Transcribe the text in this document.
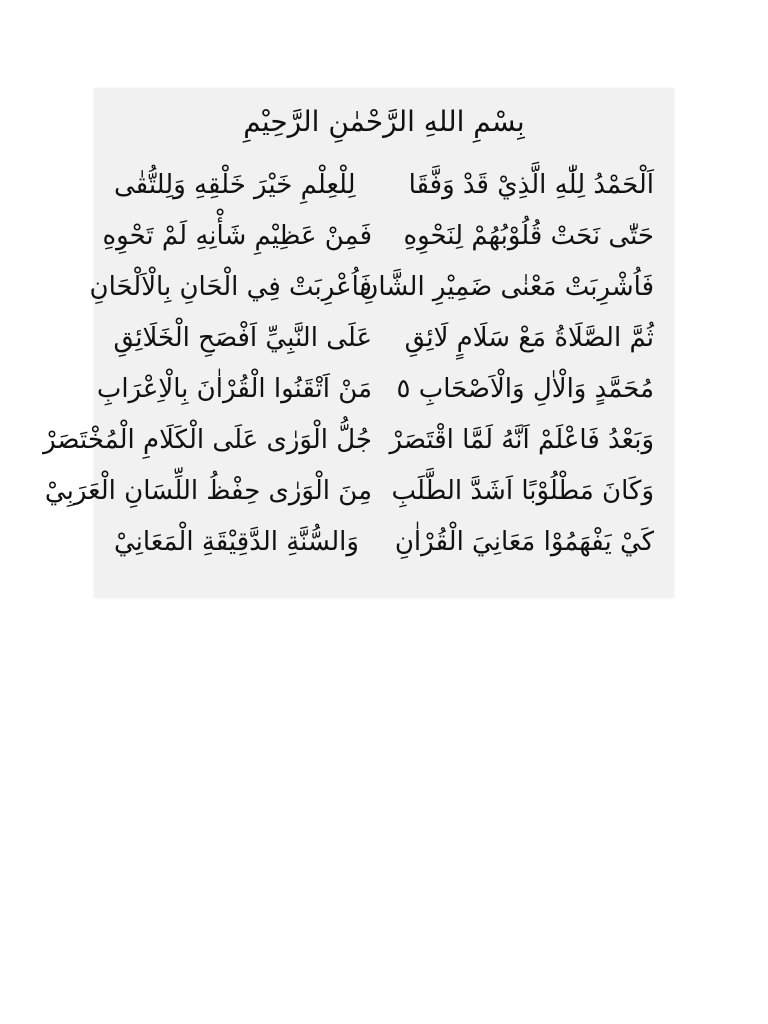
بِسْمِ اللهِ الرَّحْمٰنِ الرَّحِيْمِ
اَلْحَمْدُ لِلّٰهِ الَّذِيْ قَدْ وَفَّقَا
لِلْعِلْمِ خَيْرَ خَلْقِهِ وَلِلتُّقٰى
حَتّٰى نَحَتْ قُلُوْبُهُمْ لِنَحْوِهِ
فَمِنْ عَظِيْمِ شَأْنِهِ لَمْ تَحْوِهِ
فَاُشْرِبَتْ مَعْنٰى ضَمِيْرِ الشَّانِ
فَاُعْرِبَتْ فِي الْحَانِ بِالْاَلْحَانِ
ثُمَّ الصَّلَاةُ مَعْ سَلَامٍ لَائِقِ
عَلَى النَّبِيِّ اَفْصَحِ الْخَلَائِقِ
مُحَمَّدٍ وَالْاٰلِ وَالْاَصْحَابِ ٥
مَنْ اَتْقَنُوا الْقُرْاٰنَ بِالْاِعْرَابِ
وَبَعْدُ فَاعْلَمْ اَنَّهُ لَمَّا اقْتَصَرْ
جُلُّ الْوَرٰى عَلَى الْكَلَامِ الْمُخْتَصَرْ
وَكَانَ مَطْلُوْبًا اَشَدَّ الطَّلَبِ
مِنَ الْوَرٰى حِفْظُ اللِّسَانِ الْعَرَبِيْ
كَيْ يَفْهَمُوْا مَعَانِيَ الْقُرْاٰنِ
وَالسُّنَّةِ الدَّقِيْقَةِ الْمَعَانِيْ
